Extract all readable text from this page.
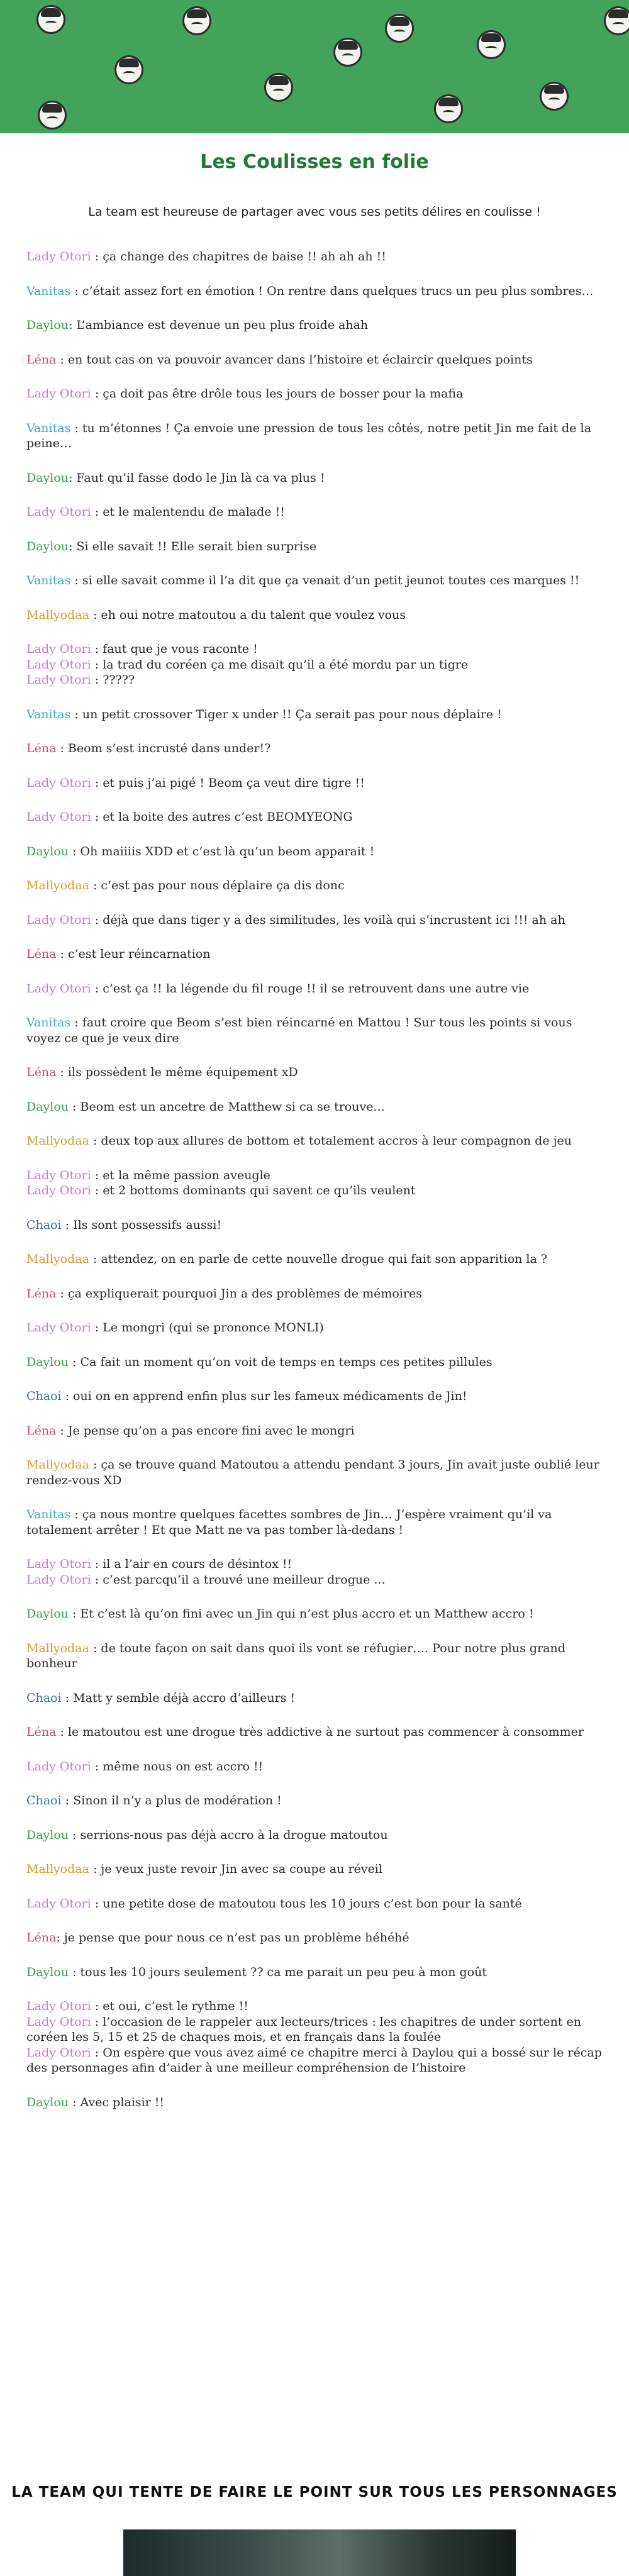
Les Coulisses en folie

La team est heureuse de partager avec vous ses petits délires en coulisse !

Lady Otori : ça change des chapitres de baise !! ah ah ah !!

Vanitas : c’était assez fort en émotion ! On rentre dans quelques trucs un peu plus sombres…

Daylou: L’ambiance est devenue un peu plus froide ahah

Léna : en tout cas on va pouvoir avancer dans l’histoire et éclaircir quelques points

Lady Otori : ça doit pas être drôle tous les jours de bosser pour la mafia

Vanitas : tu m’étonnes ! Ça envoie une pression de tous les côtés, notre petit Jin me fait de la peine…

Daylou: Faut qu’il fasse dodo le Jin là ca va plus !

Lady Otori : et le malentendu de malade !!

Daylou: Si elle savait !! Elle serait bien surprise

Vanitas : si elle savait comme il l’a dit que ça venait d’un petit jeunot toutes ces marques !!

Mallyodaa : eh oui notre matoutou a du talent que voulez vous

Lady Otori : faut que je vous raconte !
Lady Otori : la trad du coréen ça me disait qu’il a été mordu par un tigre
Lady Otori : ?????

Vanitas : un petit crossover Tiger x under !! Ça serait pas pour nous déplaire !

Léna : Beom s’est incrusté dans under!?

Lady Otori : et puis j’ai pigé ! Beom ça veut dire tigre !!

Lady Otori : et la boite des autres c’est BEOMYEONG

Daylou : Oh maiiiis XDD et c’est là qu’un beom apparait !

Mallyodaa : c’est pas pour nous déplaire ça dis donc

Lady Otori : déjà que dans tiger y a des similitudes, les voilà qui s’incrustent ici !!! ah ah

Léna : c’est leur réincarnation

Lady Otori : c’est ça !! la légende du fil rouge !! il se retrouvent dans une autre vie

Vanitas : faut croire que Beom s’est bien réincarné en Mattou ! Sur tous les points si vous voyez ce que je veux dire

Léna : ils possèdent le même équipement xD

Daylou : Beom est un ancetre de Matthew si ca se trouve...

Mallyodaa : deux top aux allures de bottom et totalement accros à leur compagnon de jeu

Lady Otori : et la même passion aveugle
Lady Otori : et 2 bottoms dominants qui savent ce qu’ils veulent

Chaoi : Ils sont possessifs aussi!

Mallyodaa : attendez, on en parle de cette nouvelle drogue qui fait son apparition la ?

Léna : ça expliquerait pourquoi Jin a des problèmes de mémoires

Lady Otori : Le mongri (qui se prononce MONLI)

Daylou : Ca fait un moment qu’on voit de temps en temps ces petites pillules

Chaoi : oui on en apprend enfin plus sur les fameux médicaments de Jin!

Léna : Je pense qu’on a pas encore fini avec le mongri

Mallyodaa : ça se trouve quand Matoutou a attendu pendant 3 jours, Jin avait juste oublié leur rendez-vous XD

Vanitas : ça nous montre quelques facettes sombres de Jin… J’espère vraiment qu’il va totalement arrêter ! Et que Matt ne va pas tomber là-dedans !

Lady Otori : il a l’air en cours de désintox !!
Lady Otori : c’est parcqu’il a trouvé une meilleur drogue ...

Daylou : Et c’est là qu’on fini avec un Jin qui n’est plus accro et un Matthew accro !

Mallyodaa : de toute façon on sait dans quoi ils vont se réfugier…. Pour notre plus grand bonheur

Chaoi : Matt y semble déjà accro d’ailleurs !

Léna : le matoutou est une drogue très addictive à ne surtout pas commencer à consommer

Lady Otori : même nous on est accro !!

Chaoi : Sinon il n’y a plus de modération !

Daylou : serrions-nous pas déjà accro à la drogue matoutou

Mallyodaa : je veux juste revoir Jin avec sa coupe au réveil

Lady Otori : une petite dose de matoutou tous les 10 jours c’est bon pour la santé

Léna: je pense que pour nous ce n’est pas un problème héhéhé

Daylou : tous les 10 jours seulement ?? ca me parait un peu peu à mon goût

Lady Otori : et oui, c’est le rythme !!
Lady Otori : l’occasion de le rappeler aux lecteurs/trices : les chapitres de under sortent en coréen les 5, 15 et 25 de chaques mois, et en français dans la foulée
Lady Otori : On espère que vous avez aimé ce chapitre merci à Daylou qui a bossé sur le récap des personnages afin d’aider à une meilleur compréhension de l’histoire

Daylou : Avec plaisir !!

LA TEAM QUI TENTE DE FAIRE LE POINT SUR TOUS LES PERSONNAGES
